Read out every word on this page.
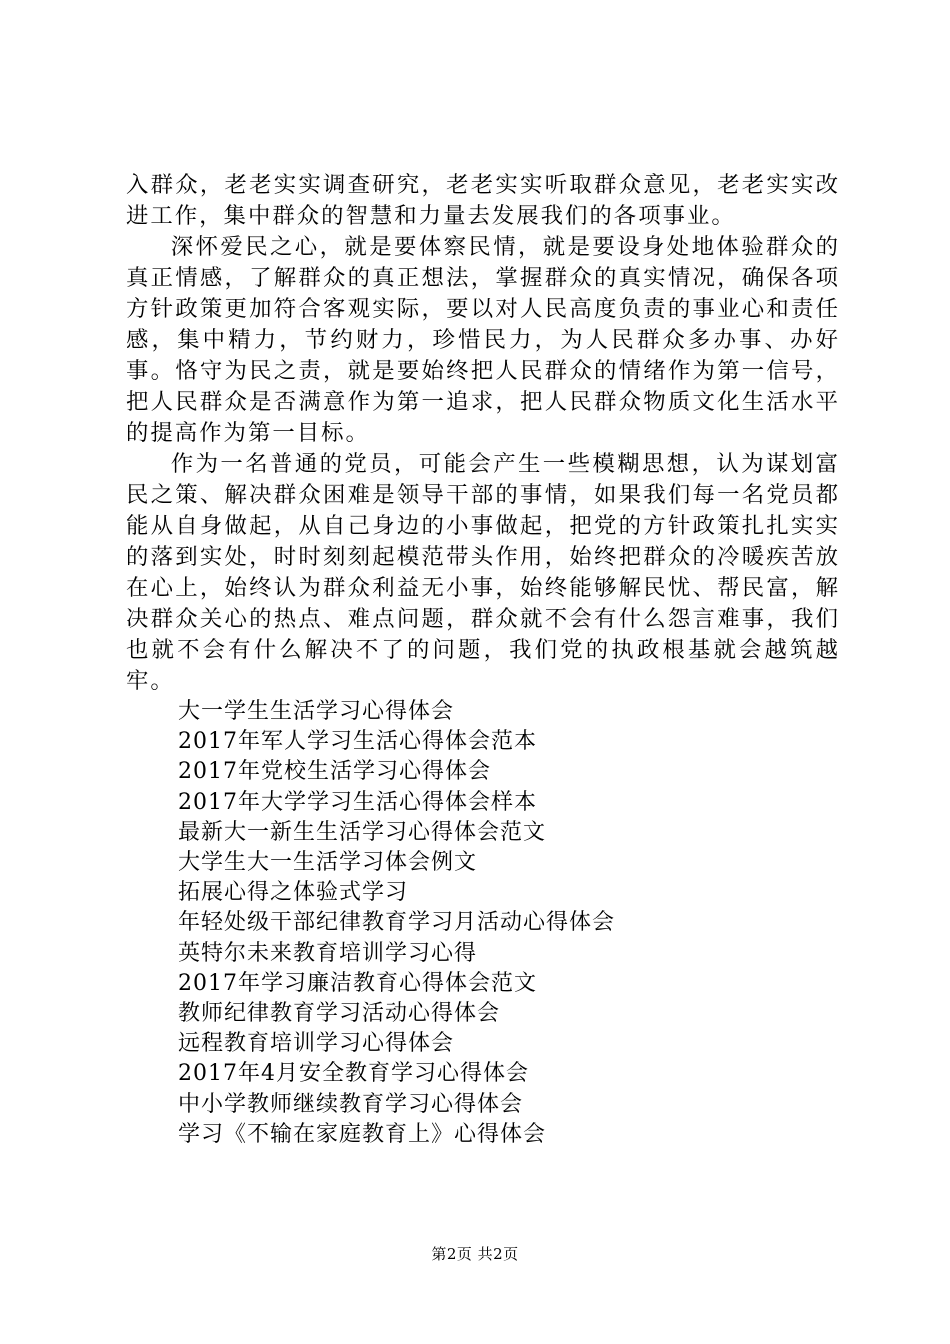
入群众，老老实实调查研究，老老实实听取群众意见，老老实实改进工作，集中群众的智慧和力量去发展我们的各项事业。

深怀爱民之心，就是要体察民情，就是要设身处地体验群众的真正情感，了解群众的真正想法，掌握群众的真实情况，确保各项方针政策更加符合客观实际，要以对人民高度负责的事业心和责任感，集中精力，节约财力，珍惜民力，为人民群众多办事、办好事。恪守为民之责，就是要始终把人民群众的情绪作为第一信号，把人民群众是否满意作为第一追求，把人民群众物质文化生活水平的提高作为第一目标。

作为一名普通的党员，可能会产生一些模糊思想，认为谋划富民之策、解决群众困难是领导干部的事情，如果我们每一名党员都能从自身做起，从自己身边的小事做起，把党的方针政策扎扎实实的落到实处，时时刻刻起模范带头作用，始终把群众的冷暖疾苦放在心上，始终认为群众利益无小事，始终能够解民忧、帮民富，解决群众关心的热点、难点问题，群众就不会有什么怨言难事，我们也就不会有什么解决不了的问题，我们党的执政根基就会越筑越牢。

大一学生生活学习心得体会
2017年军人学习生活心得体会范本
2017年党校生活学习心得体会
2017年大学学习生活心得体会样本
最新大一新生生活学习心得体会范文
大学生大一生活学习体会例文
拓展心得之体验式学习
年轻处级干部纪律教育学习月活动心得体会
英特尔未来教育培训学习心得
2017年学习廉洁教育心得体会范文
教师纪律教育学习活动心得体会
远程教育培训学习心得体会
2017年4月安全教育学习心得体会
中小学教师继续教育学习心得体会
学习《不输在家庭教育上》心得体会
第2页 共2页
